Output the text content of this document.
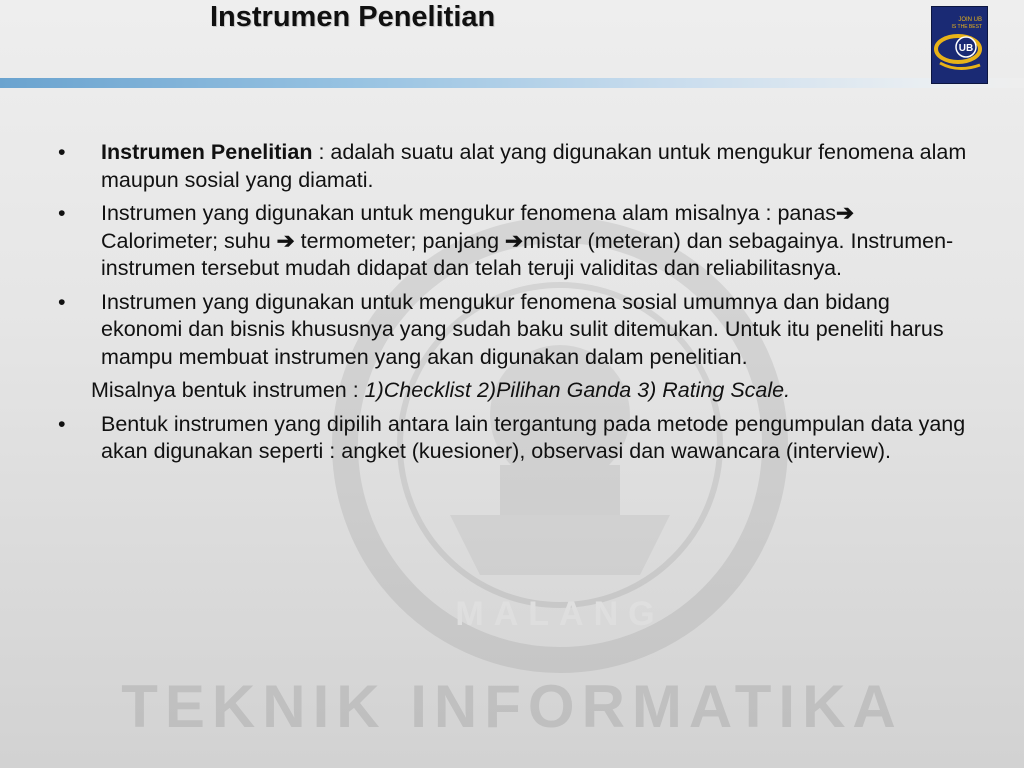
MALANG
TEKNIK INFORMATIKA
Instrumen Penelitian	JOIN UB
IS THE BEST
UB
• Instrumen Penelitian : adalah suatu alat yang digunakan untuk mengukur fenomena alam maupun sosial yang diamati.
• Instrumen yang digunakan untuk mengukur fenomena alam misalnya : panas➔ Calorimeter; suhu ➔ termometer; panjang ➔mistar (meteran) dan sebagainya. Instrumen-instrumen tersebut mudah didapat dan telah teruji validitas dan reliabilitasnya.
• Instrumen yang digunakan untuk mengukur fenomena sosial umumnya dan bidang ekonomi dan bisnis khususnya yang sudah baku sulit ditemukan. Untuk itu peneliti harus mampu membuat instrumen yang akan digunakan dalam penelitian.
Misalnya bentuk instrumen : 1)Checklist 2)Pilihan Ganda 3) Rating Scale.
• Bentuk instrumen yang dipilih antara lain tergantung pada metode pengumpulan data yang akan digunakan seperti : angket (kuesioner), observasi dan wawancara (interview).
